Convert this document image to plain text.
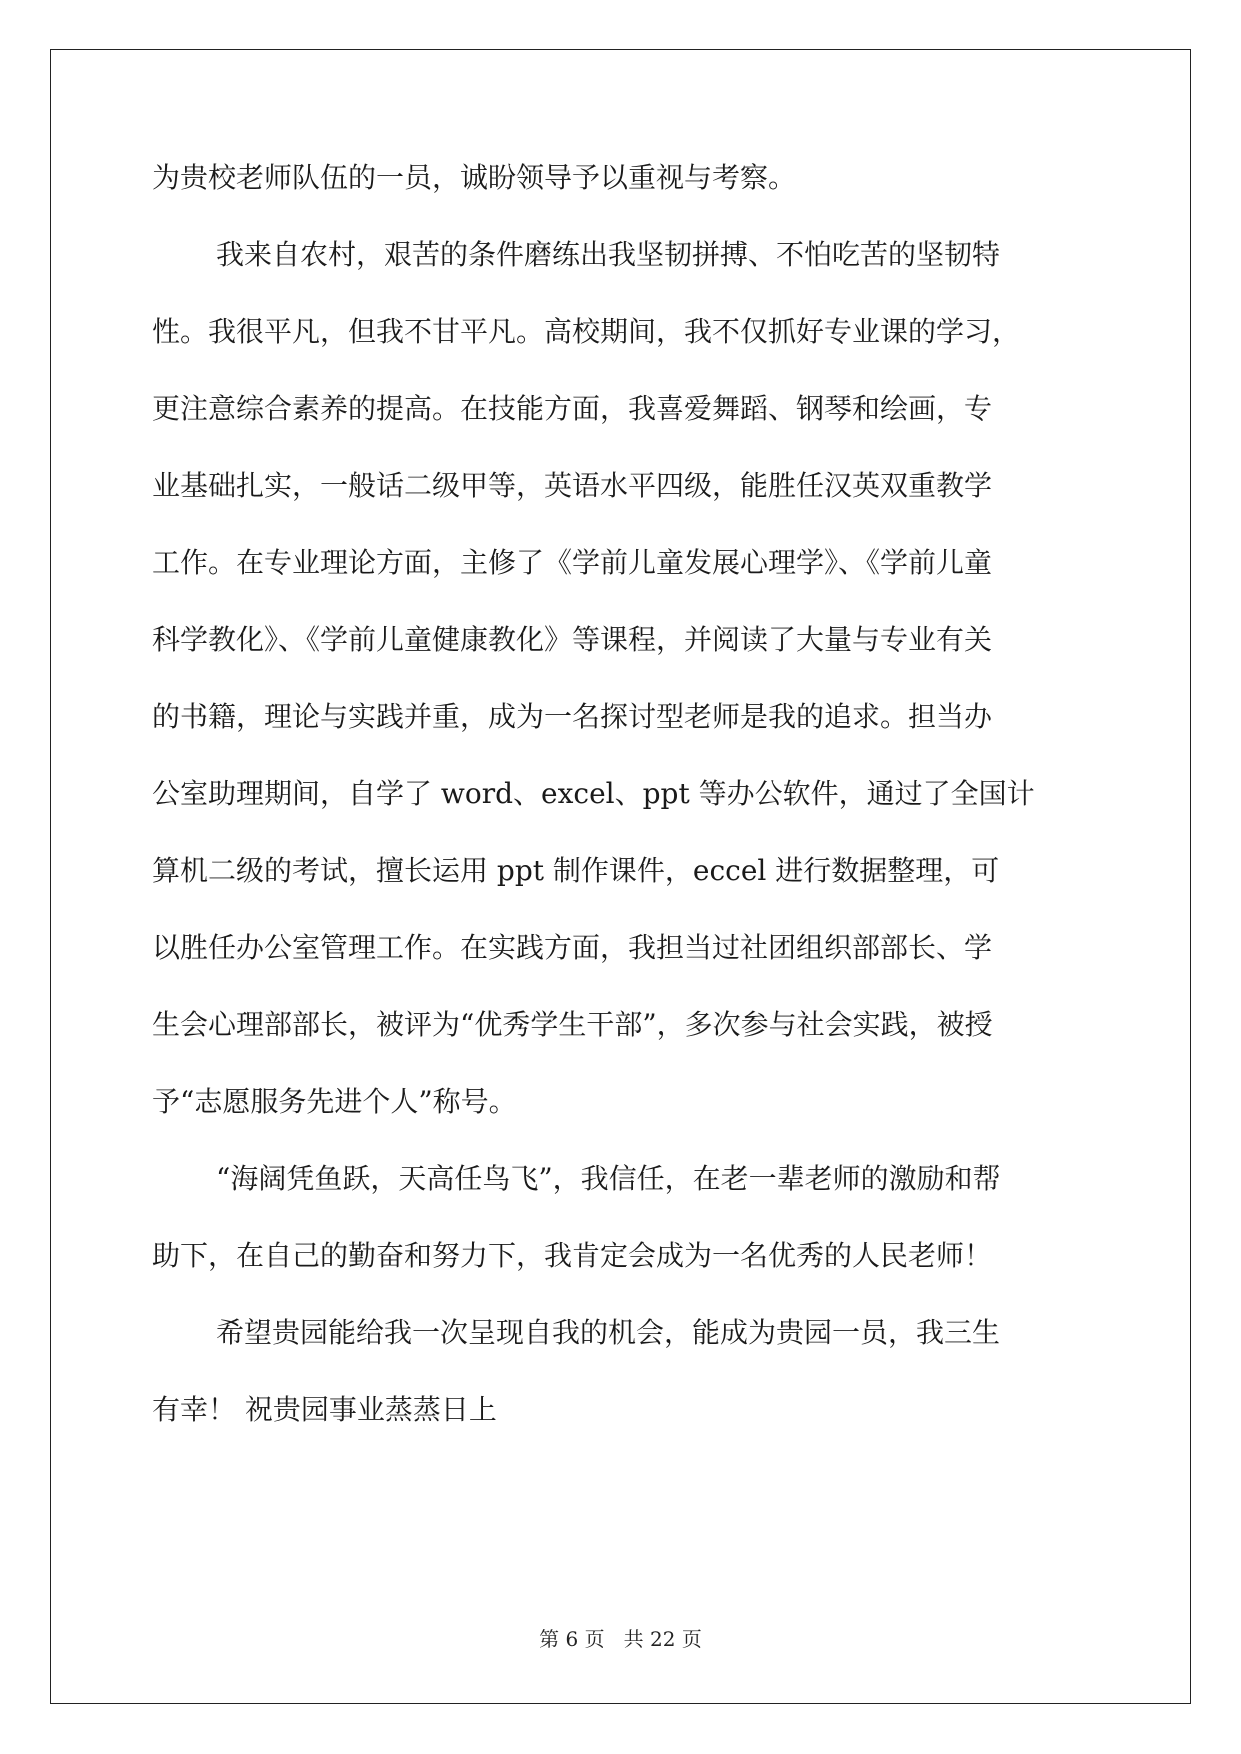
为贵校老师队伍的一员，诚盼领导予以重视与考察。
我来自农村，艰苦的条件磨练出我坚韧拼搏、不怕吃苦的坚韧特
性。我很平凡，但我不甘平凡。高校期间，我不仅抓好专业课的学习，
更注意综合素养的提高。在技能方面，我喜爱舞蹈、钢琴和绘画，专
业基础扎实，一般话二级甲等，英语水平四级，能胜任汉英双重教学
工作。在专业理论方面，主修了《学前儿童发展心理学》、《学前儿童
科学教化》、《学前儿童健康教化》等课程，并阅读了大量与专业有关
的书籍，理论与实践并重，成为一名探讨型老师是我的追求。担当办
公室助理期间，自学了 word、excel、ppt 等办公软件，通过了全国计
算机二级的考试，擅长运用 ppt 制作课件，eccel 进行数据整理，可
以胜任办公室管理工作。在实践方面，我担当过社团组织部部长、学
生会心理部部长，被评为“优秀学生干部”，多次参与社会实践，被授
予“志愿服务先进个人”称号。
“海阔凭鱼跃，天高任鸟飞”，我信任，在老一辈老师的激励和帮
助下，在自己的勤奋和努力下，我肯定会成为一名优秀的人民老师！
希望贵园能给我一次呈现自我的机会，能成为贵园一员，我三生
有幸！ 祝贵园事业蒸蒸日上
第 6 页   共 22 页
